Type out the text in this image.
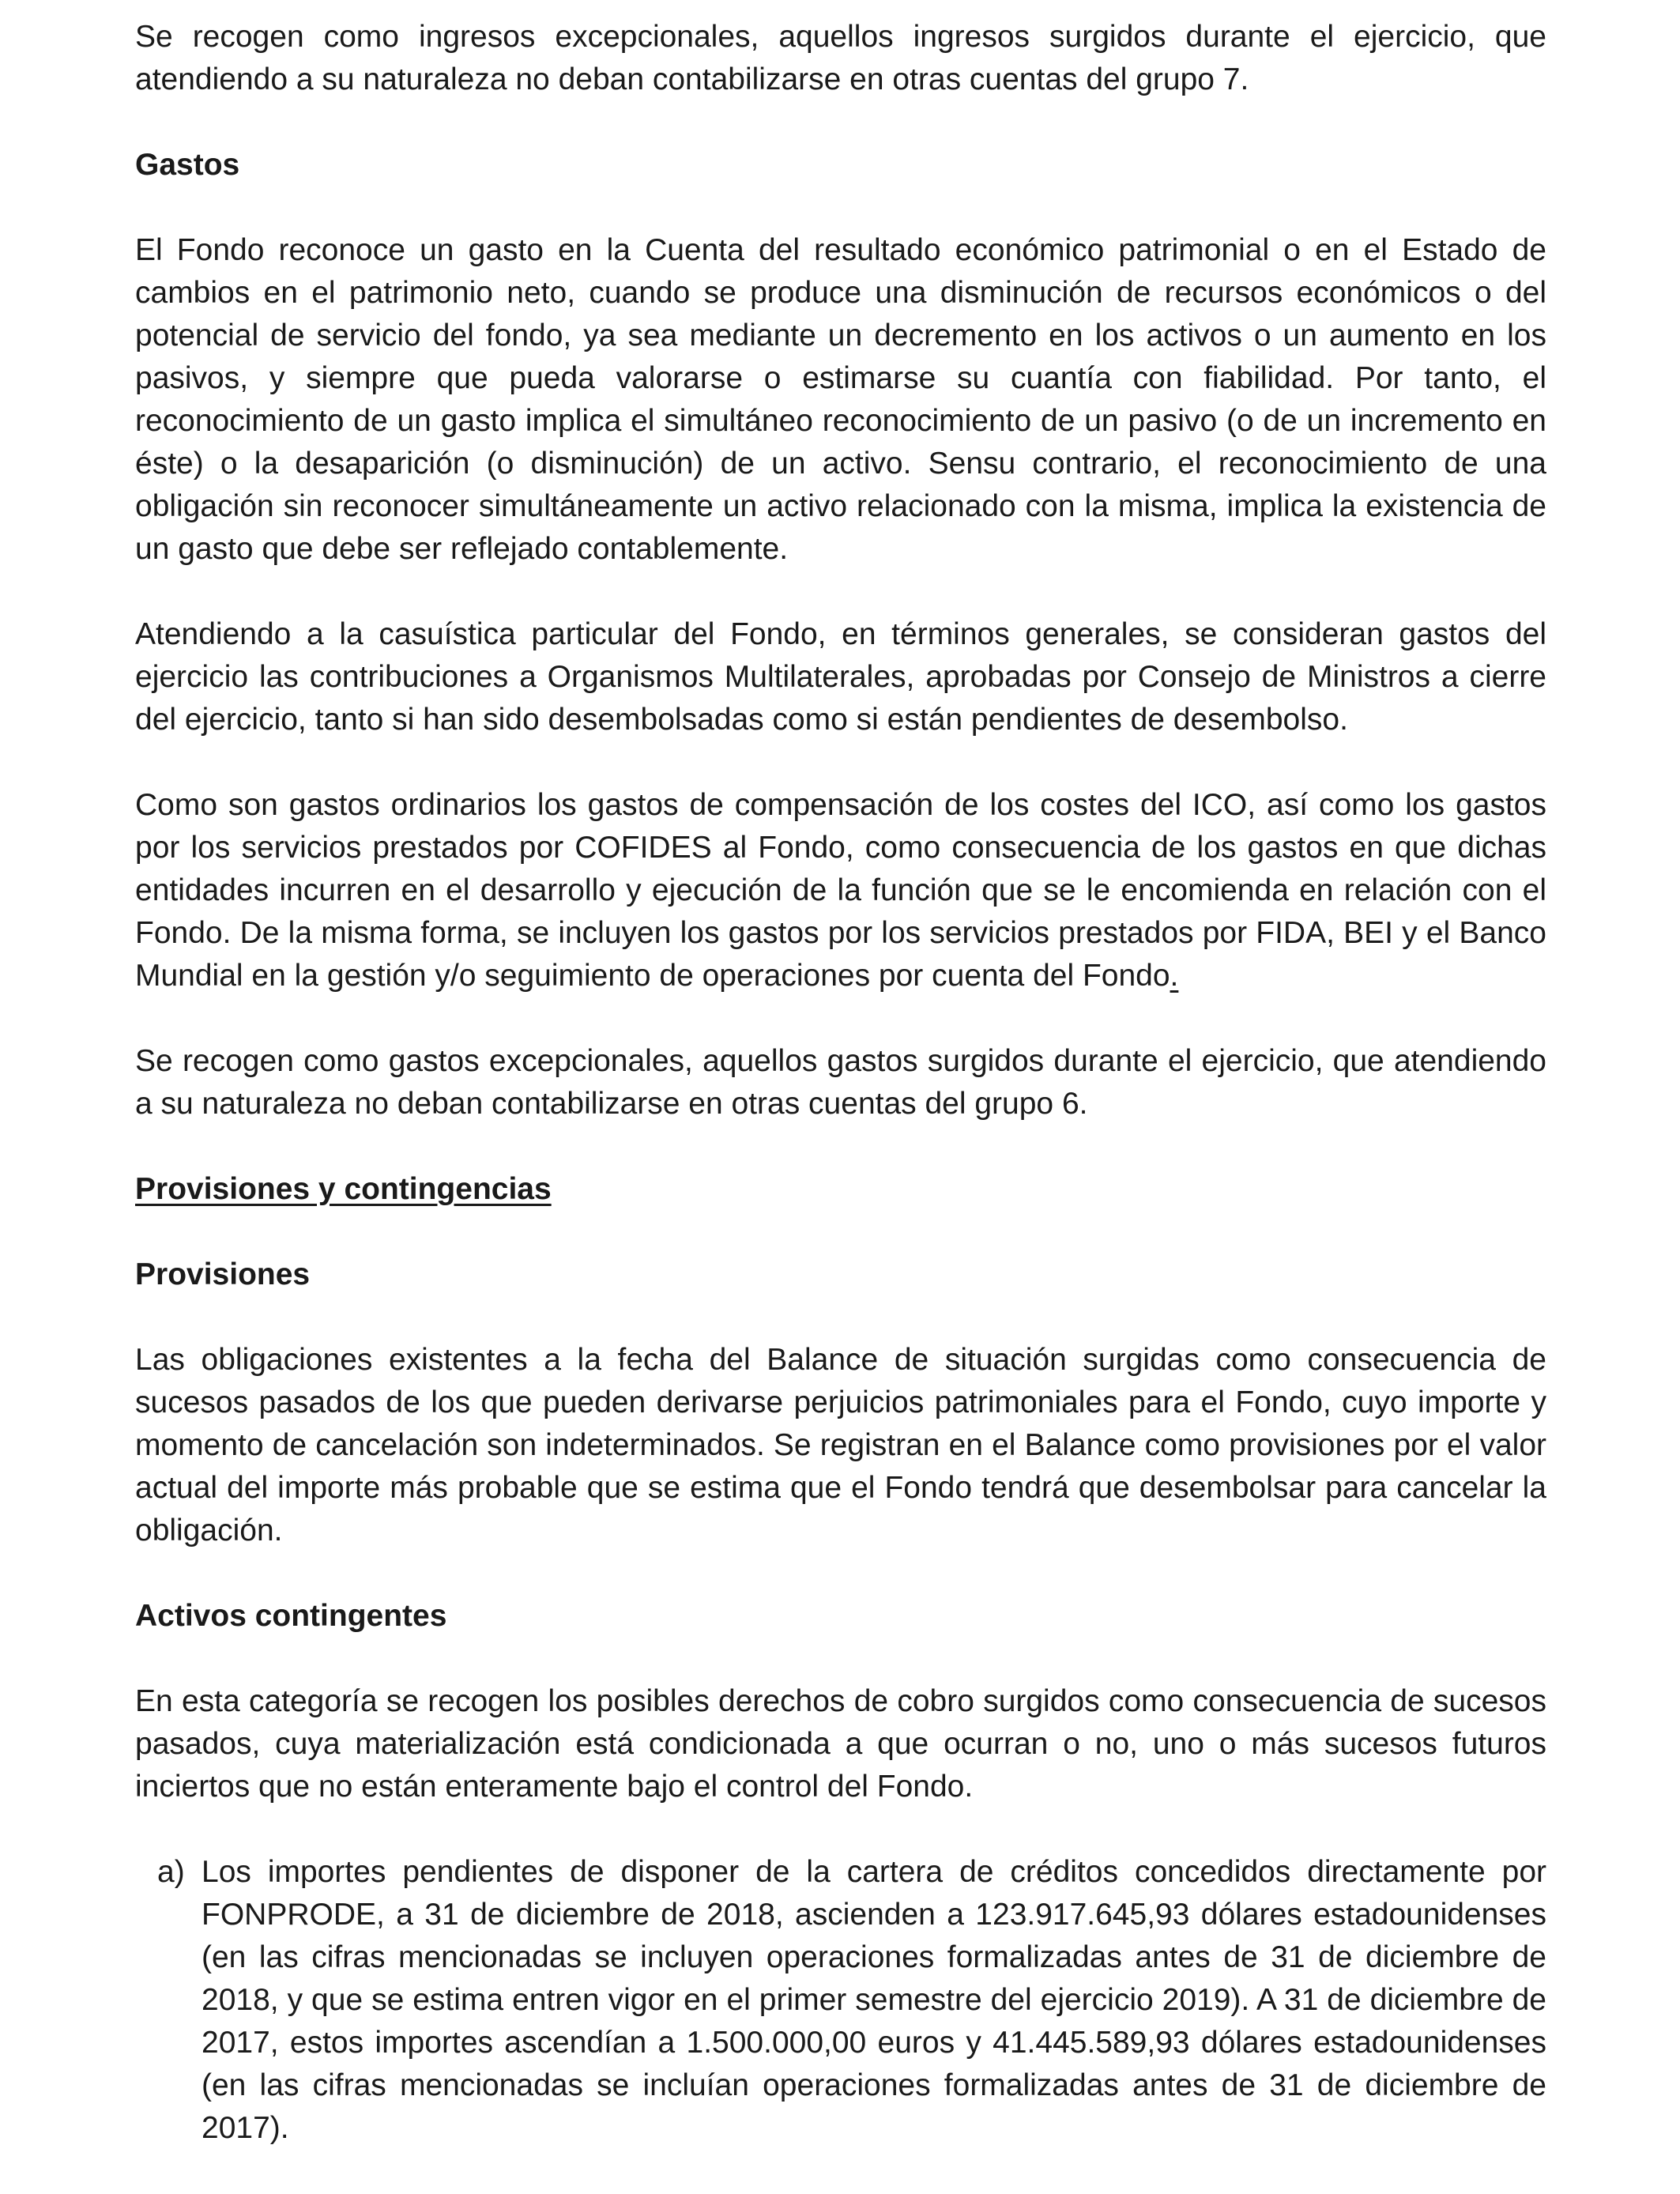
Se recogen como ingresos excepcionales, aquellos ingresos surgidos durante el ejercicio, que atendiendo a su naturaleza no deban contabilizarse en otras cuentas del grupo 7.

Gastos

El Fondo reconoce un gasto en la Cuenta del resultado económico patrimonial o en el Estado de cambios en el patrimonio neto, cuando se produce una disminución de recursos económicos o del potencial de servicio del fondo, ya sea mediante un decremento en los activos o un aumento en los pasivos, y siempre que pueda valorarse o estimarse su cuantía con fiabilidad. Por tanto, el reconocimiento de un gasto implica el simultáneo reconocimiento de un pasivo (o de un incremento en éste) o la desaparición (o disminución) de un activo. Sensu contrario, el reconocimiento de una obligación sin reconocer simultáneamente un activo relacionado con la misma, implica la existencia de un gasto que debe ser reflejado contablemente.

Atendiendo a la casuística particular del Fondo, en términos generales, se consideran gastos del ejercicio las contribuciones a Organismos Multilaterales, aprobadas por Consejo de Ministros a cierre del ejercicio, tanto si han sido desembolsadas como si están pendientes de desembolso.

Como son gastos ordinarios los gastos de compensación de los costes del ICO, así como los gastos por los servicios prestados por COFIDES al Fondo, como consecuencia de los gastos en que dichas entidades incurren en el desarrollo y ejecución de la función que se le encomienda en relación con el Fondo. De la misma forma, se incluyen los gastos por los servicios prestados por FIDA, BEI y el Banco Mundial en la gestión y/o seguimiento de operaciones por cuenta del Fondo.

Se recogen como gastos excepcionales, aquellos gastos surgidos durante el ejercicio, que atendiendo a su naturaleza no deban contabilizarse en otras cuentas del grupo 6.

Provisiones y contingencias
Provisiones

Las obligaciones existentes a la fecha del Balance de situación surgidas como consecuencia de sucesos pasados de los que pueden derivarse perjuicios patrimoniales para el Fondo, cuyo importe y momento de cancelación son indeterminados. Se registran en el Balance como provisiones por el valor actual del importe más probable que se estima que el Fondo tendrá que desembolsar para cancelar la obligación.

Activos contingentes

En esta categoría se recogen los posibles derechos de cobro surgidos como consecuencia de sucesos pasados, cuya materialización está condicionada a que ocurran o no, uno o más sucesos futuros inciertos que no están enteramente bajo el control del Fondo.

a) Los importes pendientes de disponer de la cartera de créditos concedidos directamente por FONPRODE, a 31 de diciembre de 2018, ascienden a 123.917.645,93 dólares estadounidenses (en las cifras mencionadas se incluyen operaciones formalizadas antes de 31 de diciembre de 2018, y que se estima entren vigor en el primer semestre del ejercicio 2019). A 31 de diciembre de 2017, estos importes ascendían a 1.500.000,00 euros y 41.445.589,93 dólares estadounidenses (en las cifras mencionadas se incluían operaciones formalizadas antes de 31 de diciembre de 2017).
